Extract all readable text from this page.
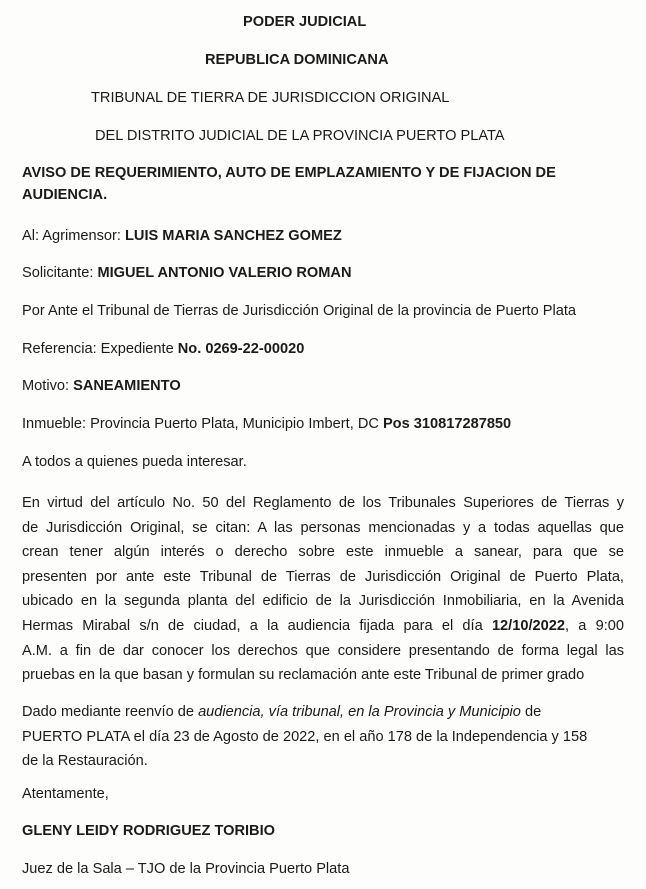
PODER JUDICIAL
REPUBLICA DOMINICANA
TRIBUNAL DE TIERRA DE JURISDICCION ORIGINAL
DEL DISTRITO JUDICIAL DE LA PROVINCIA PUERTO PLATA
AVISO DE REQUERIMIENTO, AUTO DE EMPLAZAMIENTO Y DE FIJACION DE
AUDIENCIA.
Al: Agrimensor: LUIS MARIA SANCHEZ GOMEZ
Solicitante: MIGUEL ANTONIO VALERIO ROMAN
Por Ante el Tribunal de Tierras de Jurisdicción Original de la provincia de Puerto Plata
Referencia: Expediente No. 0269-22-00020
Motivo: SANEAMIENTO
Inmueble: Provincia Puerto Plata, Municipio Imbert, DC Pos 310817287850
A todos a quienes pueda interesar.
En virtud del artículo No. 50 del Reglamento de los Tribunales Superiores de Tierras y
de Jurisdicción Original, se citan: A las personas mencionadas y a todas aquellas que
crean tener algún interés o derecho sobre este inmueble a sanear, para que se
presenten por ante este Tribunal de Tierras de Jurisdicción Original de Puerto Plata,
ubicado en la segunda planta del edificio de la Jurisdicción Inmobiliaria, en la Avenida
Hermas Mirabal s/n de ciudad, a la audiencia fijada para el día 12/10/2022, a 9:00
A.M. a fin de dar conocer los derechos que considere presentando de forma legal las
pruebas en la que basan y formulan su reclamación ante este Tribunal de primer grado
Dado mediante reenvío de audiencia, vía tribunal, en la Provincia y Municipio de
PUERTO PLATA el día 23 de Agosto de 2022, en el año 178 de la Independencia y 158
de la Restauración.
Atentamente,
GLENY LEIDY RODRIGUEZ TORIBIO
Juez de la Sala – TJO de la Provincia Puerto Plata
